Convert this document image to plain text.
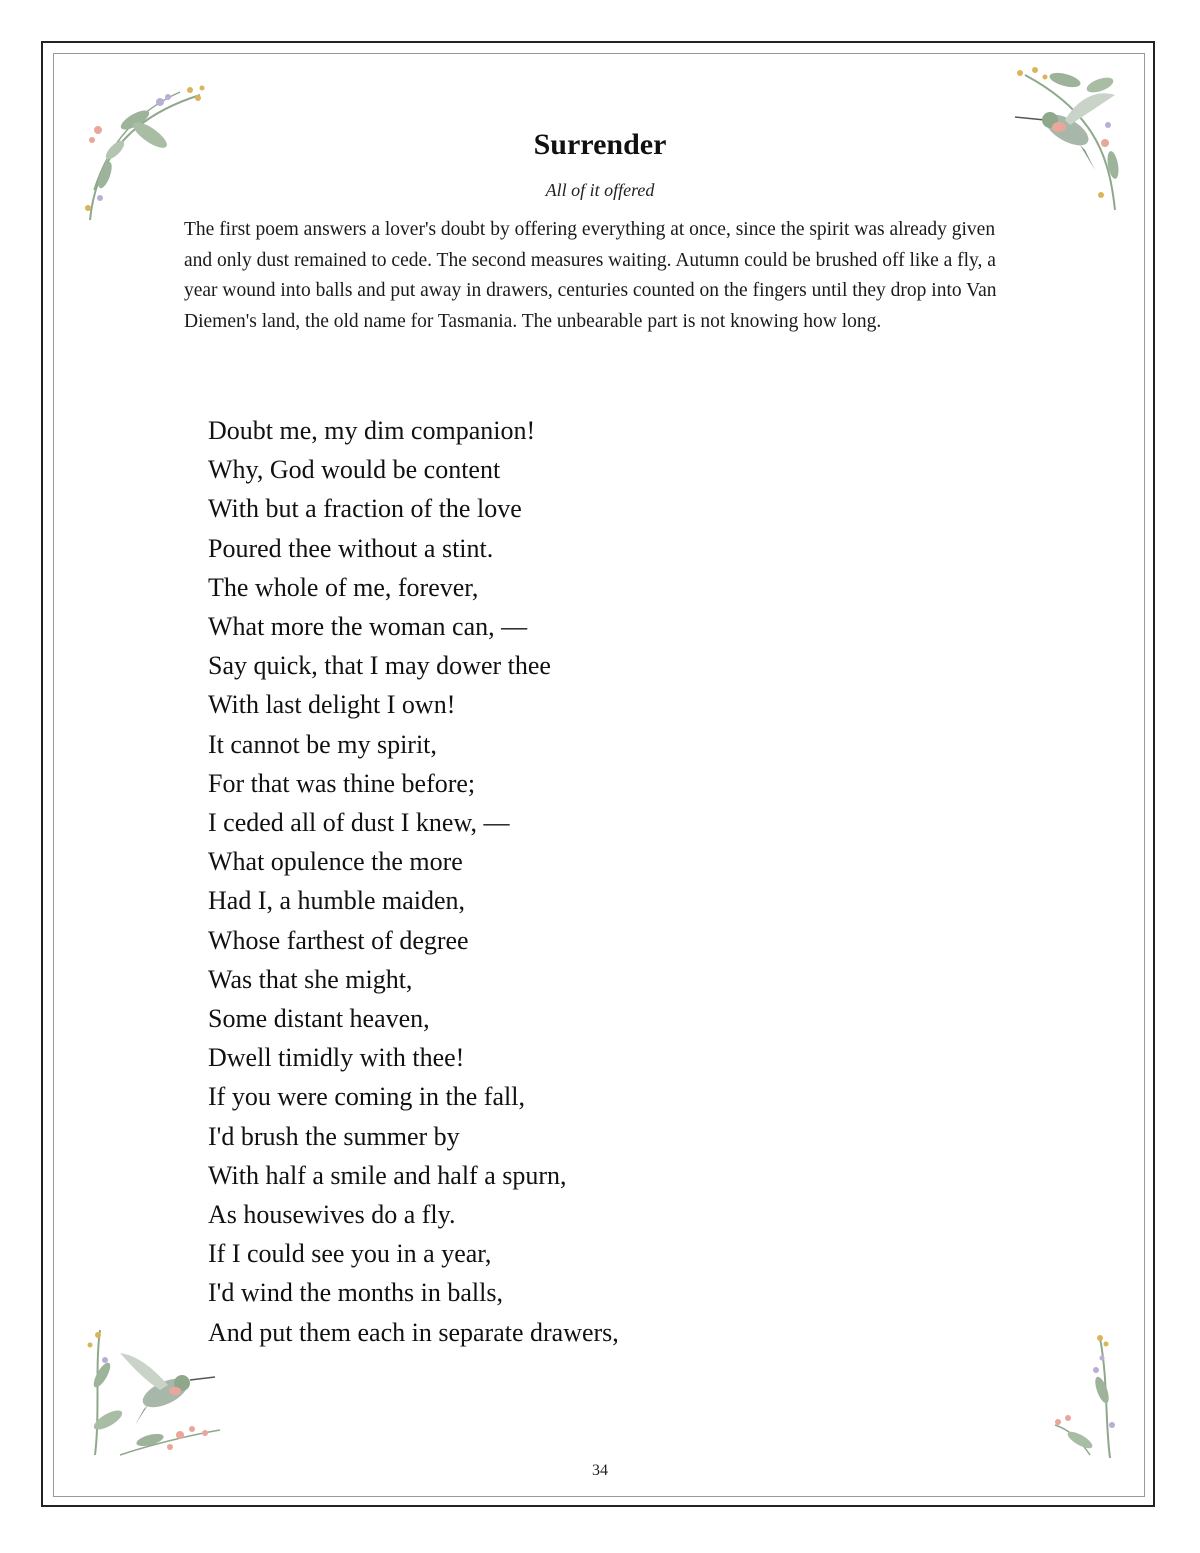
Surrender
All of it offered

The first poem answers a lover's doubt by offering everything at once, since the spirit was already given and only dust remained to cede. The second measures waiting. Autumn could be brushed off like a fly, a year wound into balls and put away in drawers, centuries counted on the fingers until they drop into Van Diemen's land, the old name for Tasmania. The unbearable part is not knowing how long.

Doubt me, my dim companion!
Why, God would be content
With but a fraction of the love
Poured thee without a stint.
The whole of me, forever,
What more the woman can, —
Say quick, that I may dower thee
With last delight I own!
It cannot be my spirit,
For that was thine before;
I ceded all of dust I knew, —
What opulence the more
Had I, a humble maiden,
Whose farthest of degree
Was that she might,
Some distant heaven,
Dwell timidly with thee!
If you were coming in the fall,
I'd brush the summer by
With half a smile and half a spurn,
As housewives do a fly.
If I could see you in a year,
I'd wind the months in balls,
And put them each in separate drawers,
34
